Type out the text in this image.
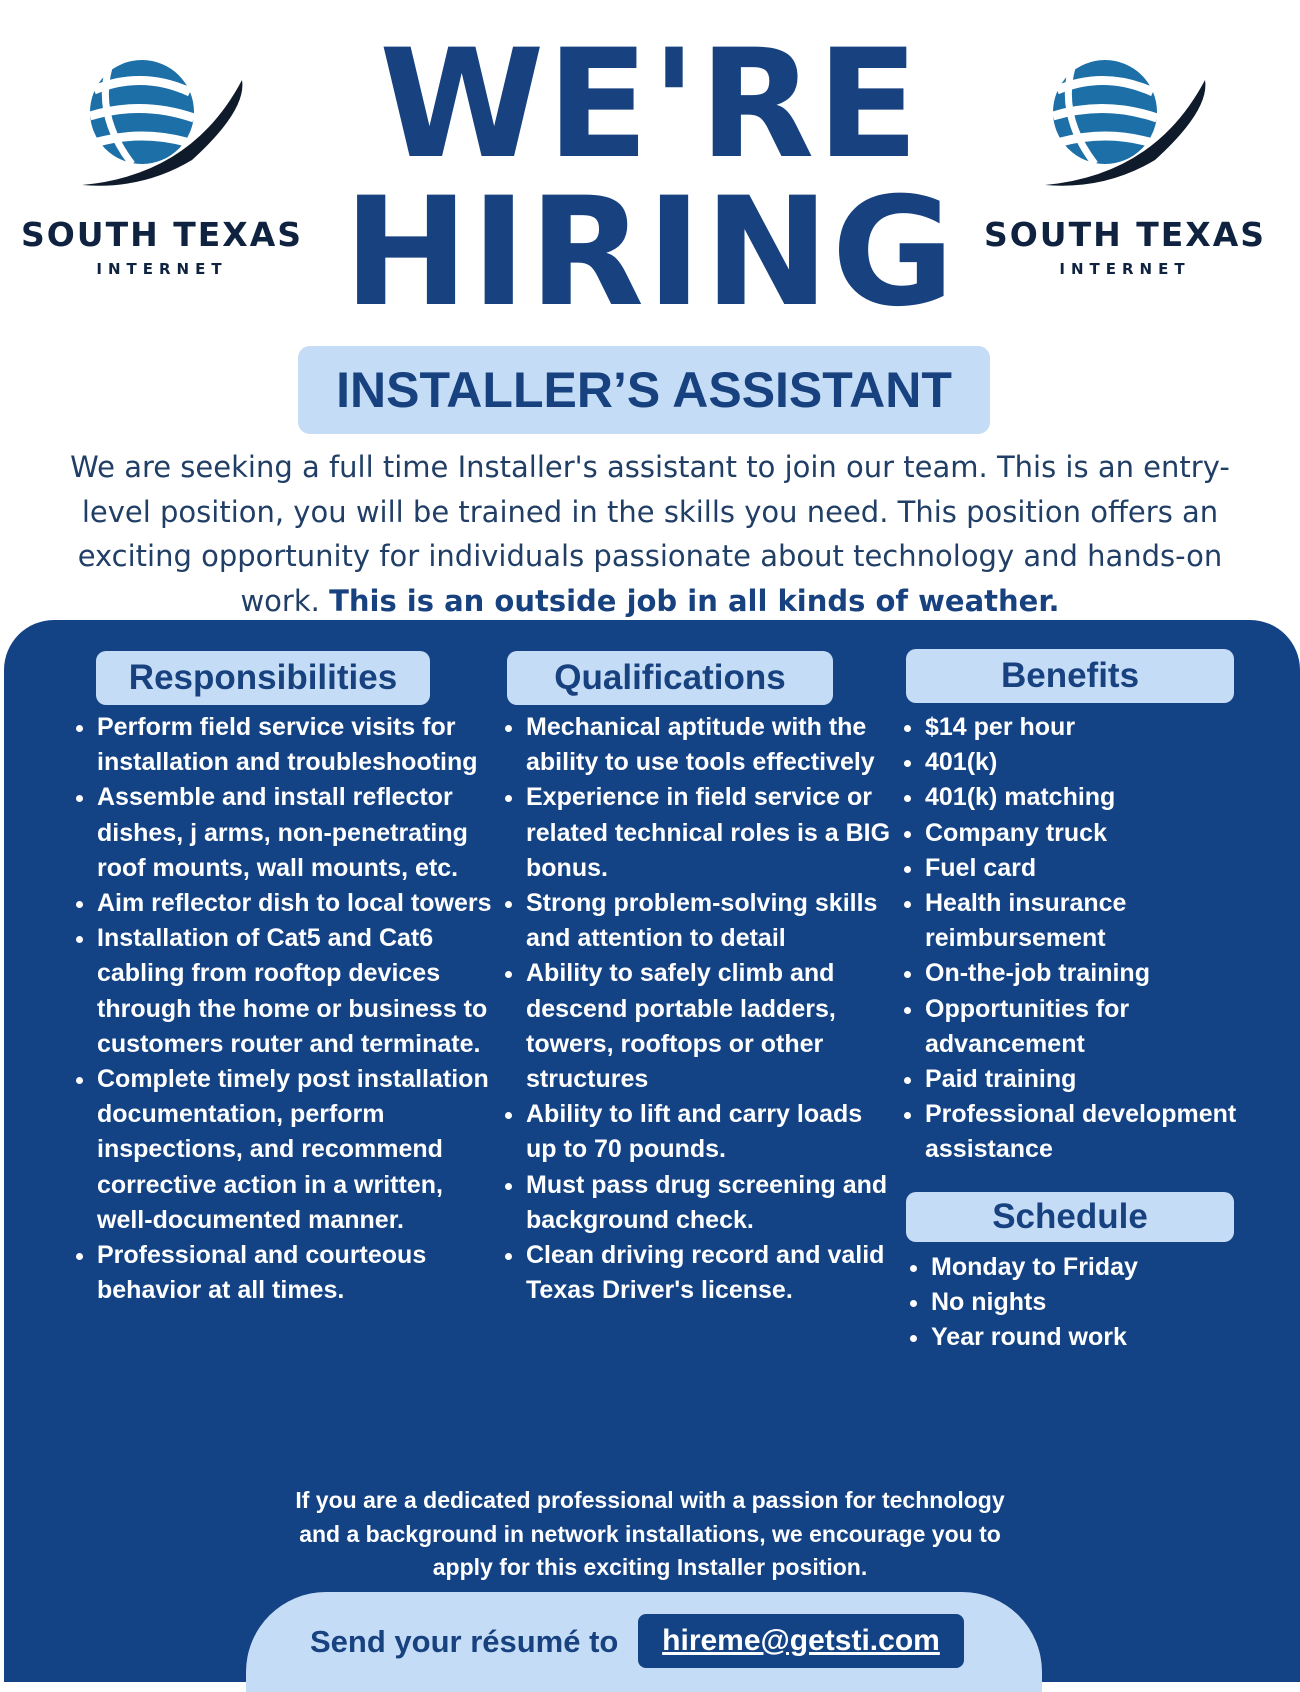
SOUTH TEXAS
INTERNET
SOUTH TEXAS
INTERNET
WE'RE
HIRING
INSTALLER’S ASSISTANT
We are seeking a full time Installer's assistant to join our team. This is an entry-level position, you will be trained in the skills you need. This position offers an exciting opportunity for individuals passionate about technology and hands-on work. This is an outside job in all kinds of weather.
Responsibilities
• Perform field service visits for installation and troubleshooting
• Assemble and install reflector dishes, j arms, non-penetrating roof mounts, wall mounts, etc.
• Aim reflector dish to local towers
• Installation of Cat5 and Cat6 cabling from rooftop devices through the home or business to customers router and terminate.
• Complete timely post installation documentation, perform inspections, and recommend corrective action in a written, well-documented manner.
• Professional and courteous behavior at all times.
Qualifications
• Mechanical aptitude with the ability to use tools effectively
• Experience in field service or related technical roles is a BIG bonus.
• Strong problem-solving skills and attention to detail
• Ability to safely climb and descend portable ladders, towers, rooftops or other structures
• Ability to lift and carry loads up to 70 pounds.
• Must pass drug screening and background check.
• Clean driving record and valid Texas Driver's license.
Benefits
• $14 per hour
• 401(k)
• 401(k) matching
• Company truck
• Fuel card
• Health insurance reimbursement
• On-the-job training
• Opportunities for advancement
• Paid training
• Professional development assistance
Schedule
• Monday to Friday
• No nights
• Year round work
If you are a dedicated professional with a passion for technology and a background in network installations, we encourage you to apply for this exciting Installer position.
Send your résumé to	hireme@getsti.com
